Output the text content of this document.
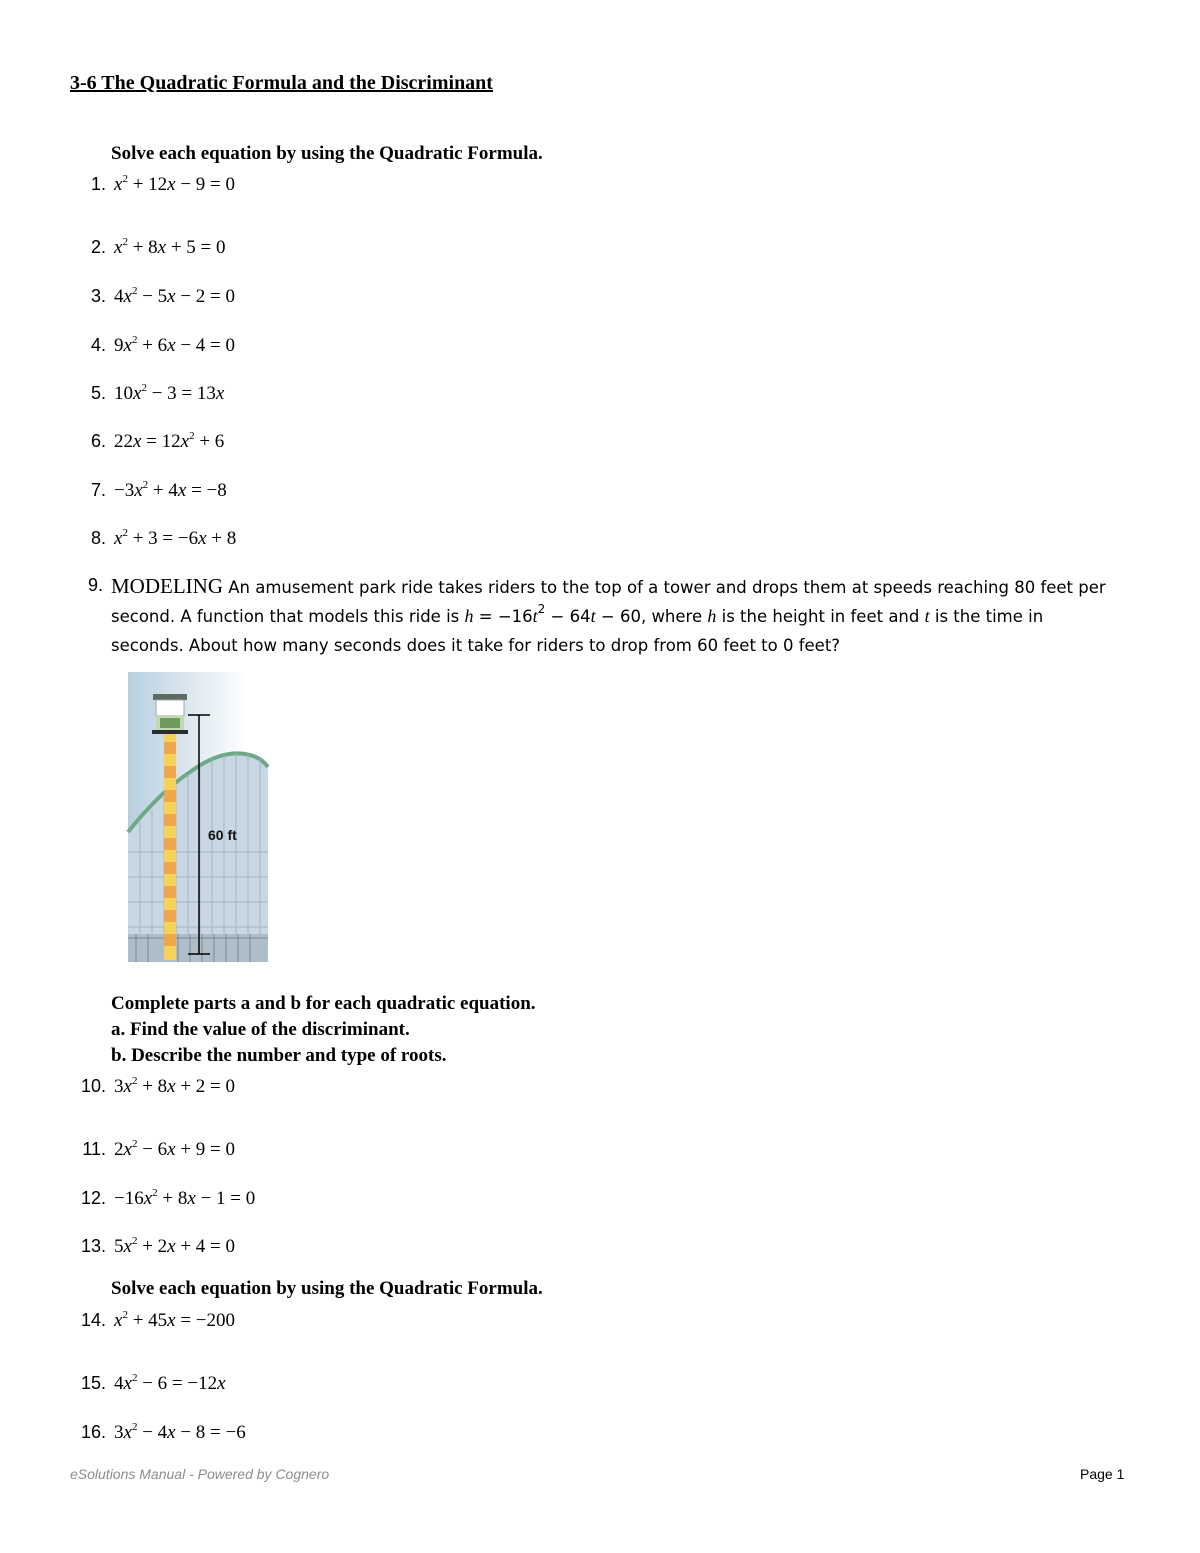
3-6 The Quadratic Formula and the Discriminant

Solve each equation by using the Quadratic Formula.

1. $x^2 + 12x - 9 = 0$
2. $x^2 + 8x + 5 = 0$
3. $4x^2 - 5x - 2 = 0$
4. $9x^2 + 6x - 4 = 0$
5. $10x^2 - 3 = 13x$
6. $22x = 12x^2 + 6$
7. $-3x^2 + 4x = -8$
8. $x^2 + 3 = -6x + 8$
9. MODELING An amusement park ride takes riders to the top of a tower and drops them at speeds reaching 80 feet per second. A function that models this ride is $h = -16t^2 - 64t - 60$, where h is the height in feet and t is the time in seconds. About how many seconds does it take for riders to drop from 60 feet to 0 feet?
60 ft

Complete parts a and b for each quadratic equation.
a. Find the value of the discriminant.
b. Describe the number and type of roots.

10. $3x^2 + 8x + 2 = 0$
11. $2x^2 - 6x + 9 = 0$
12. $-16x^2 + 8x - 1 = 0$
13. $5x^2 + 2x + 4 = 0$

Solve each equation by using the Quadratic Formula.

14. $x^2 + 45x = -200$
15. $4x^2 - 6 = -12x$
16. $3x^2 - 4x - 8 = -6$
eSolutions Manual - Powered by Cognero	Page 1
